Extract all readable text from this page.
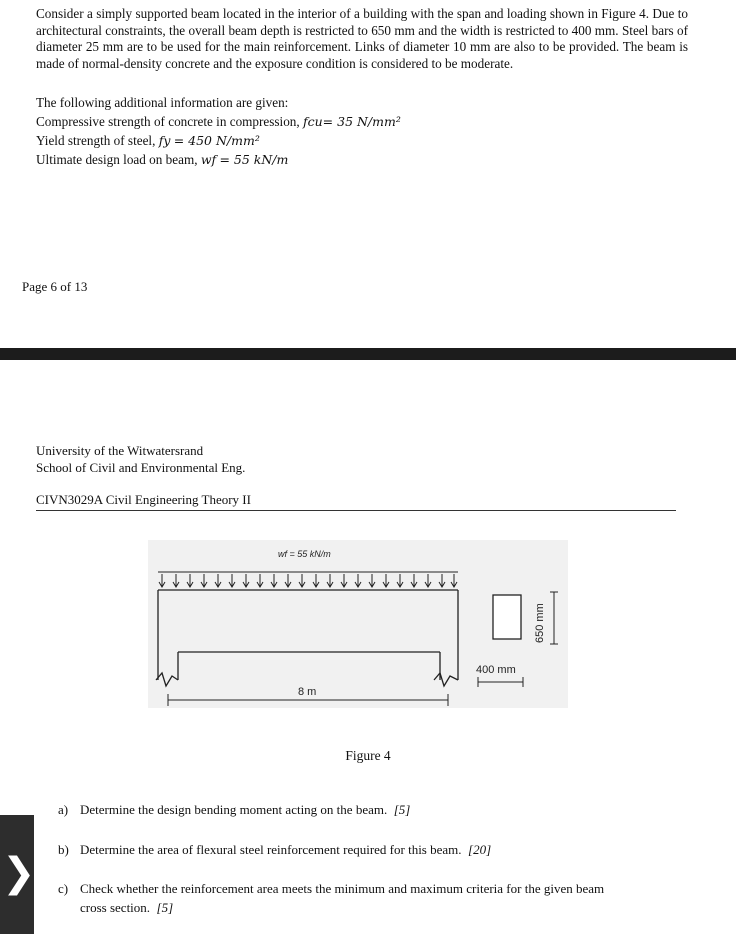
Consider a simply supported beam located in the interior of a building with the span and loading shown in Figure 4. Due to architectural constraints, the overall beam depth is restricted to 650 mm and the width is restricted to 400 mm. Steel bars of diameter 25 mm are to be used for the main reinforcement. Links of diameter 10 mm are also to be provided. The beam is made of normal-density concrete and the exposure condition is considered to be moderate.

The following additional information are given:
Compressive strength of concrete in compression, fcu= 35 N/mm²
Yield strength of steel, fy = 450 N/mm²
Ultimate design load on beam, wf = 55 kN/m
Page 6 of 13
University of the Witwatersrand
School of Civil and Environmental Eng.
CIVN3029A Civil Engineering Theory II
wf = 55 kN/m
8 m
650 mm
400 mm
Figure 4
a) Determine the design bending moment acting on the beam. [5]
b) Determine the area of flexural steel reinforcement required for this beam. [20]
c) Check whether the reinforcement area meets the minimum and maximum criteria for the given beam
cross section. [5]
❯
